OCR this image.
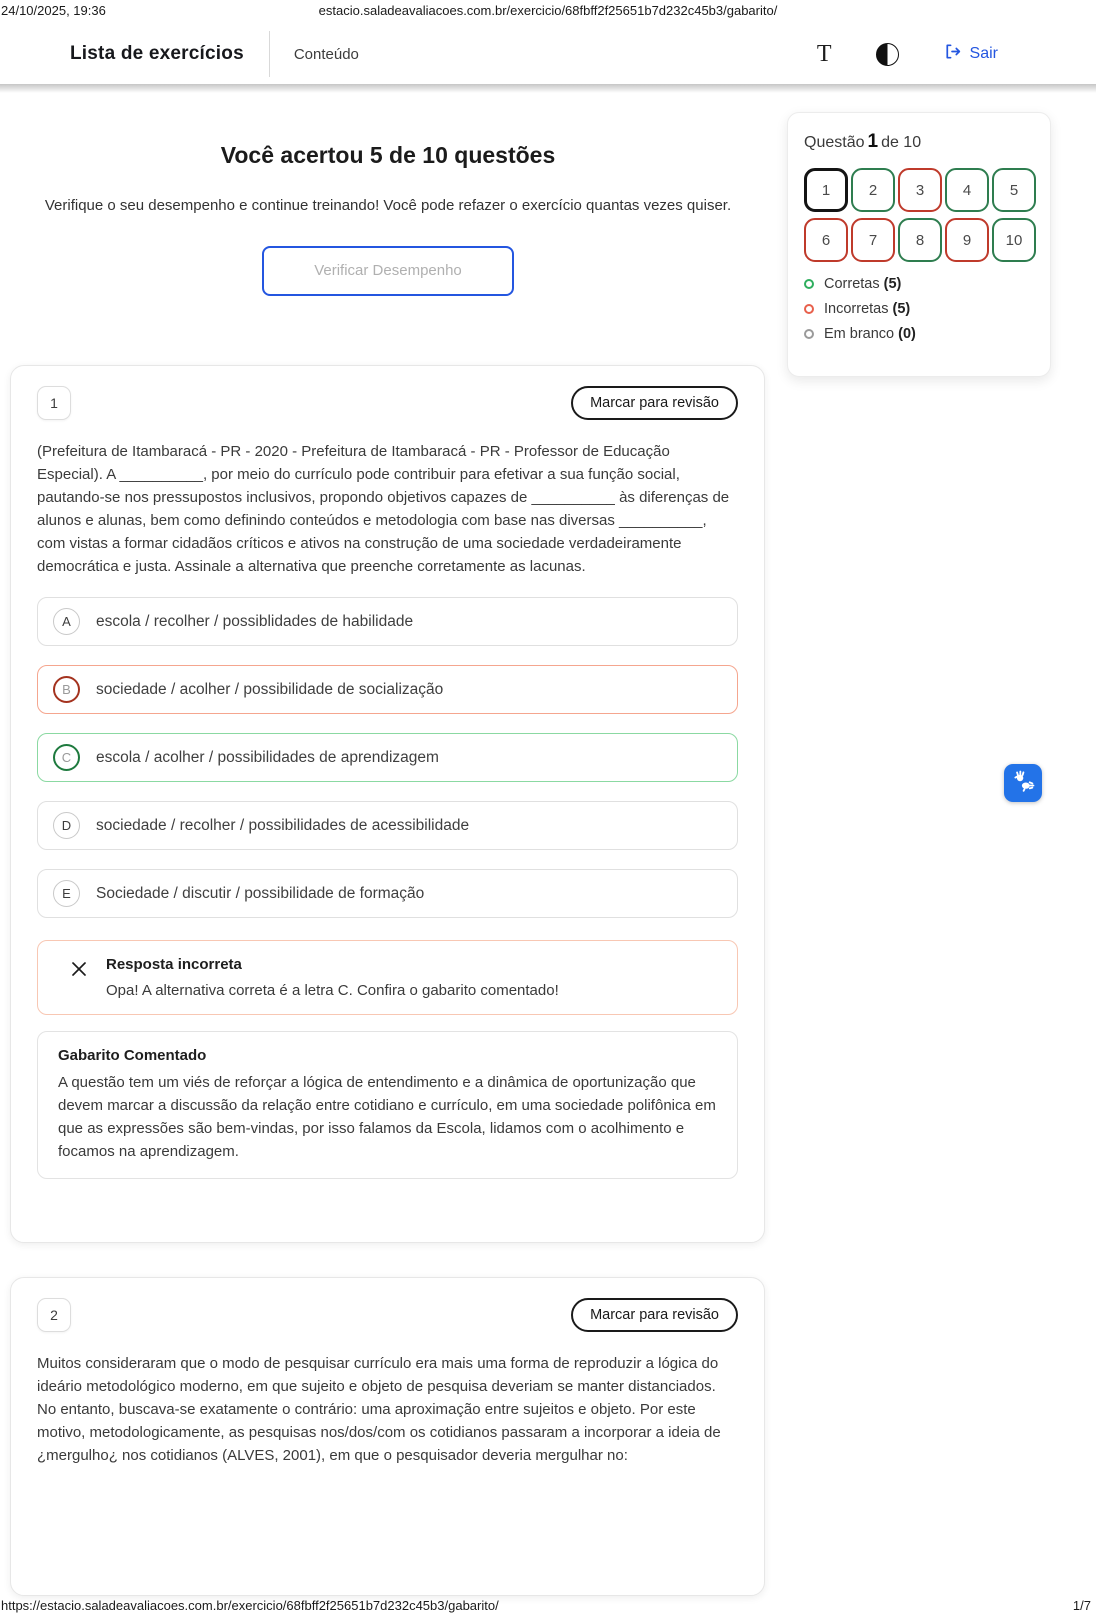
24/10/2025, 19:36	estacio.saladeavaliacoes.com.br/exercicio/68fbff2f25651b7d232c45b3/gabarito/
Lista de exercícios	Conteúdo	T	Sair
Você acertou 5 de 10 questões
Verifique o seu desempenho e continue treinando! Você pode refazer o exercício quantas vezes quiser.
Verificar Desempenho
Questão 1 de 10
1	2	3	4	5
6	7	8	9	10
Corretas (5)
Incorretas (5)
Em branco (0)
1	Marcar para revisão
(Prefeitura de Itambaracá - PR - 2020 - Prefeitura de Itambaracá - PR - Professor de Educação Especial). A __________, por meio do currículo pode contribuir para efetivar a sua função social, pautando-se nos pressupostos inclusivos, propondo objetivos capazes de __________ às diferenças de alunos e alunas, bem como definindo conteúdos e metodologia com base nas diversas __________, com vistas a formar cidadãos críticos e ativos na construção de uma sociedade verdadeiramente democrática e justa. Assinale a alternativa que preenche corretamente as lacunas.
A	escola / recolher / possiblidades de habilidade
B	sociedade / acolher / possibilidade de socialização
C	escola / acolher / possibilidades de aprendizagem
D	sociedade / recolher / possibilidades de acessibilidade
E	Sociedade / discutir / possibilidade de formação
Resposta incorreta
Opa! A alternativa correta é a letra C. Confira o gabarito comentado!
Gabarito Comentado
A questão tem um viés de reforçar a lógica de entendimento e a dinâmica de oportunização que devem marcar a discussão da relação entre cotidiano e currículo, em uma sociedade polifônica em que as expressões são bem-vindas, por isso falamos da Escola, lidamos com o acolhimento e focamos na aprendizagem.
2	Marcar para revisão
Muitos consideraram que o modo de pesquisar currículo era mais uma forma de reproduzir a lógica do ideário metodológico moderno, em que sujeito e objeto de pesquisa deveriam se manter distanciados. No entanto, buscava-se exatamente o contrário: uma aproximação entre sujeitos e objeto. Por este motivo, metodologicamente, as pesquisas nos/dos/com os cotidianos passaram a incorporar a ideia de ¿mergulho¿ nos cotidianos (ALVES, 2001), em que o pesquisador deveria mergulhar no:
https://estacio.saladeavaliacoes.com.br/exercicio/68fbff2f25651b7d232c45b3/gabarito/	1/7
